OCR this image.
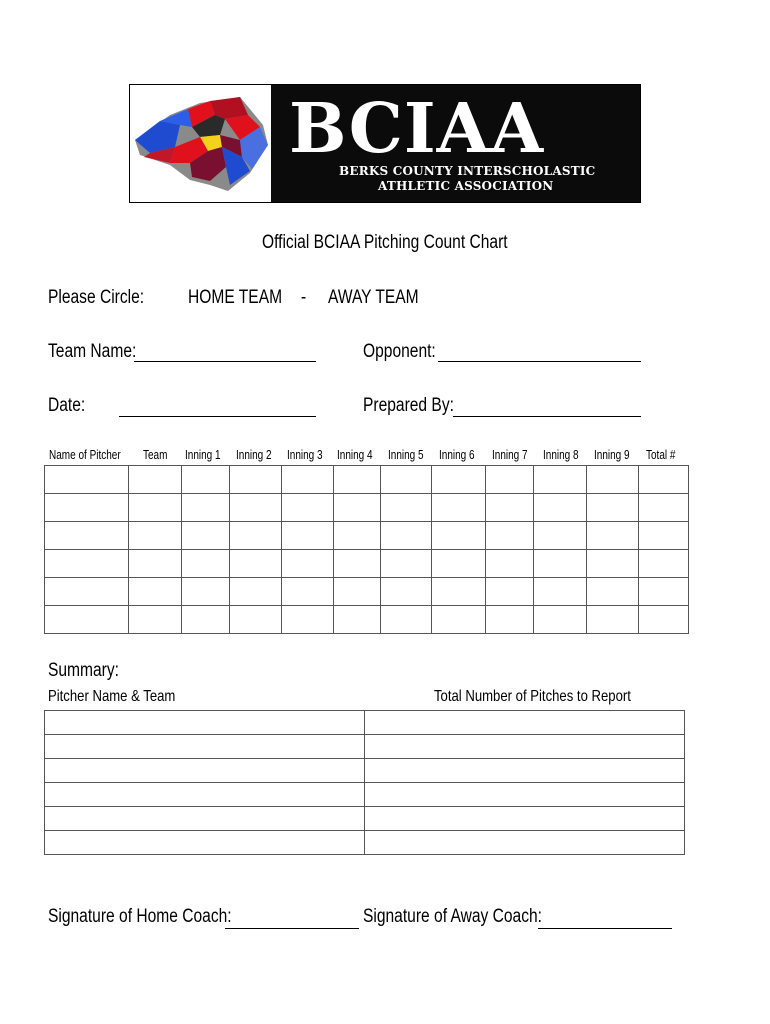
BCIAA
BERKS COUNTY INTERSCHOLASTIC
ATHLETIC ASSOCIATION
Official BCIAA Pitching Count Chart
Please Circle:	HOME TEAM - AWAY TEAM
Team Name:	Opponent:
Date:	Prepared By:
Name of Pitcher	Team	Inning 1	Inning 2	Inning 3	Inning 4	Inning 5	Inning 6	Inning 7	Inning 8	Inning 9	Total #

Summary:
Pitcher Name & Team	Total Number of Pitches to Report

Signature of Home Coach:	Signature of Away Coach:
